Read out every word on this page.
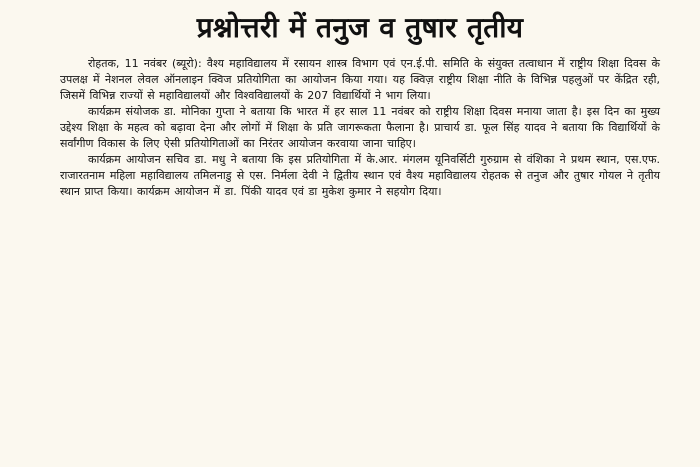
प्रश्नोत्तरी में तनुज व तुषार तृतीय

रोहतक, 11 नवंबर (ब्यूरो): वैश्य महाविद्यालय में रसायन शास्त्र विभाग एवं एन.ई.पी. समिति के संयुक्त तत्वाधान में राष्ट्रीय शिक्षा दिवस के उपलक्ष में नेशनल लेवल ऑनलाइन क्विज प्रतियोगिता का आयोजन किया गया। यह क्विज़ राष्ट्रीय शिक्षा नीति के विभिन्न पहलुओं पर केंद्रित रही, जिसमें विभिन्न राज्यों से महाविद्यालयों और विश्वविद्यालयों के 207 विद्यार्थियों ने भाग लिया।

कार्यक्रम संयोजक डा. मोनिका गुप्ता ने बताया कि भारत में हर साल 11 नवंबर को राष्ट्रीय शिक्षा दिवस मनाया जाता है। इस दिन का मुख्य उद्देश्य शिक्षा के महत्व को बढ़ावा देना और लोगों में शिक्षा के प्रति जागरूकता फैलाना है। प्राचार्य डा. फूल सिंह यादव ने बताया कि विद्यार्थियों के सर्वांगीण विकास के लिए ऐसी प्रतियोगिताओं का निरंतर आयोजन करवाया जाना चाहिए।

कार्यक्रम आयोजन सचिव डा. मधु ने बताया कि इस प्रतियोगिता में के.आर. मंगलम यूनिवर्सिटी गुरुग्राम से वंशिका ने प्रथम स्थान, एस.एफ. राजारतनाम महिला महाविद्यालय तमिलनाडु से एस. निर्मला देवी ने द्वितीय स्थान एवं वैश्य महाविद्यालय रोहतक से तनुज और तुषार गोयल ने तृतीय स्थान प्राप्त किया। कार्यक्रम आयोजन में डा. पिंकी यादव एवं डा मुकेश कुमार ने सहयोग दिया।
